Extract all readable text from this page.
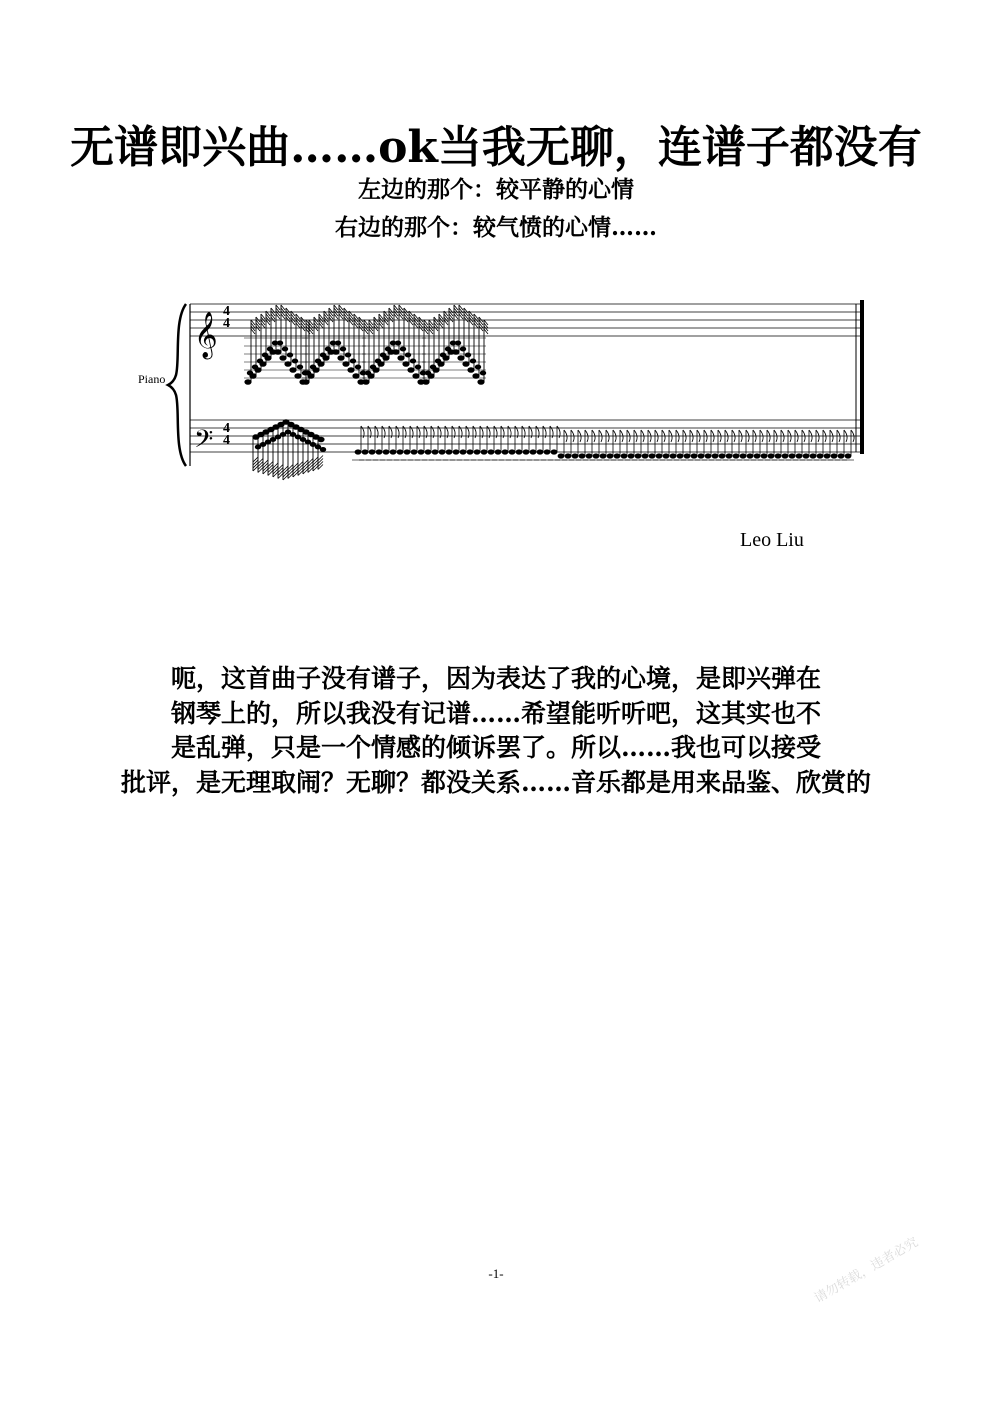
无谱即兴曲……ok当我无聊，连谱子都没有
左边的那个：较平静的心情
右边的那个：较气愤的心情……
Piano
𝄞
𝄢
4
4
4
4
Leo Liu
呃，这首曲子没有谱子，因为表达了我的心境，是即兴弹在
钢琴上的，所以我没有记谱……希望能听听吧，这其实也不
是乱弹，只是一个情感的倾诉罢了。所以……我也可以接受
批评，是无理取闹？无聊？都没关系……音乐都是用来品鉴、欣赏的
-1-	请勿转载，违者必究
